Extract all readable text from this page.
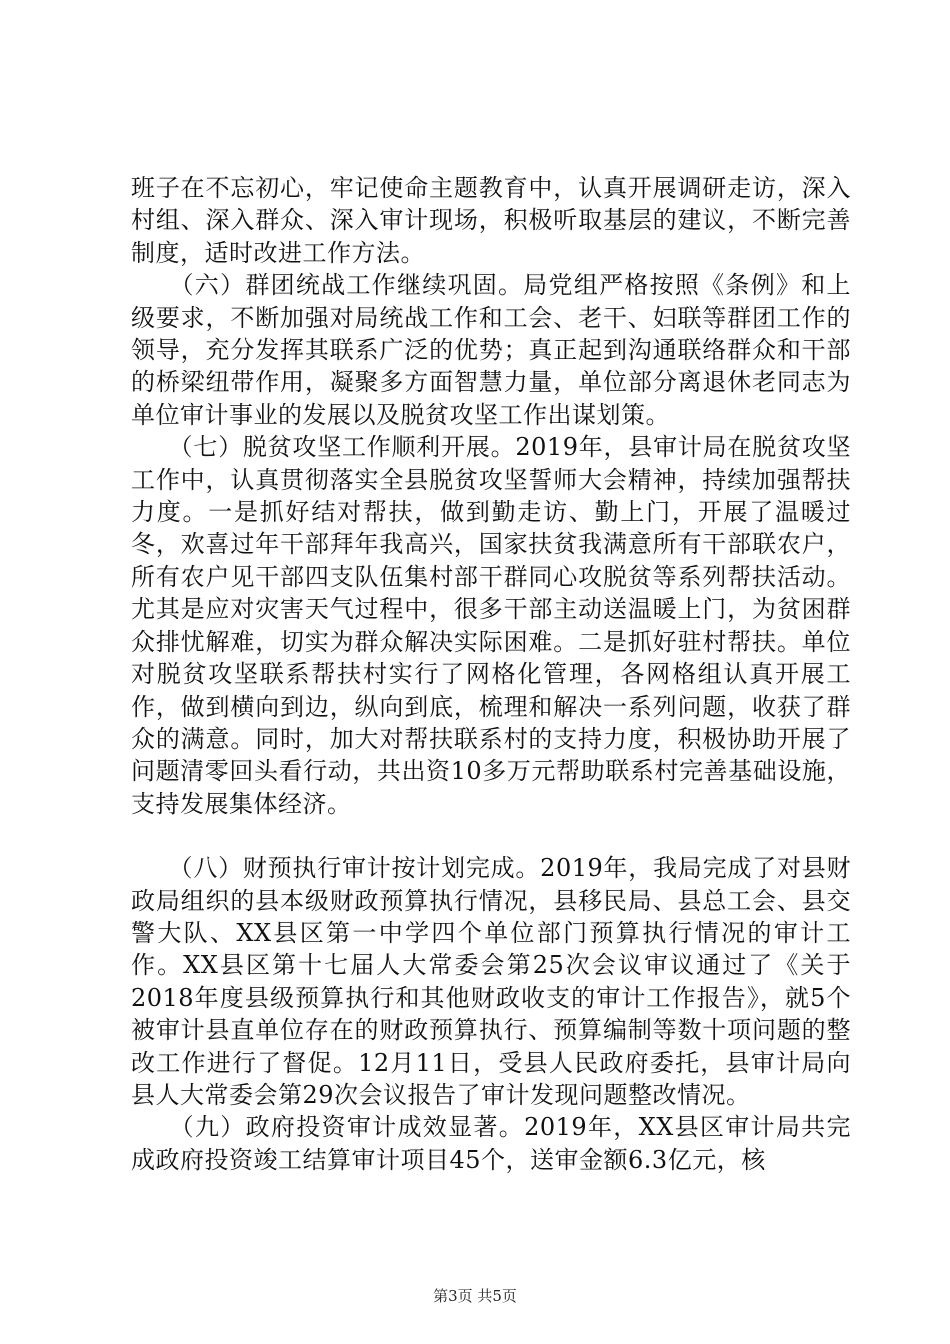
班子在不忘初心，牢记使命主题教育中，认真开展调研走访，深入村组、深入群众、深入审计现场，积极听取基层的建议，不断完善制度，适时改进工作方法。

　　（六）群团统战工作继续巩固。局党组严格按照《条例》和上级要求，不断加强对局统战工作和工会、老干、妇联等群团工作的领导，充分发挥其联系广泛的优势；真正起到沟通联络群众和干部的桥梁纽带作用，凝聚多方面智慧力量，单位部分离退休老同志为单位审计事业的发展以及脱贫攻坚工作出谋划策。

　　（七）脱贫攻坚工作顺利开展。2019年，县审计局在脱贫攻坚工作中，认真贯彻落实全县脱贫攻坚誓师大会精神，持续加强帮扶力度。一是抓好结对帮扶，做到勤走访、勤上门，开展了温暖过冬，欢喜过年干部拜年我高兴，国家扶贫我满意所有干部联农户，所有农户见干部四支队伍集村部干群同心攻脱贫等系列帮扶活动。尤其是应对灾害天气过程中，很多干部主动送温暖上门，为贫困群众排忧解难，切实为群众解决实际困难。二是抓好驻村帮扶。单位对脱贫攻坚联系帮扶村实行了网格化管理，各网格组认真开展工作，做到横向到边，纵向到底，梳理和解决一系列问题，收获了群众的满意。同时，加大对帮扶联系村的支持力度，积极协助开展了问题清零回头看行动，共出资10多万元帮助联系村完善基础设施，支持发展集体经济。

　　（八）财预执行审计按计划完成。2019年，我局完成了对县财政局组织的县本级财政预算执行情况，县移民局、县总工会、县交警大队、XX县区第一中学四个单位部门预算执行情况的审计工作。XX县区第十七届人大常委会第25次会议审议通过了《关于2018年度县级预算执行和其他财政收支的审计工作报告》，就5个被审计县直单位存在的财政预算执行、预算编制等数十项问题的整改工作进行了督促。12月11日，受县人民政府委托，县审计局向县人大常委会第29次会议报告了审计发现问题整改情况。

　　（九）政府投资审计成效显著。2019年，XX县区审计局共完成政府投资竣工结算审计项目45个，送审金额6.3亿元，核

第3页 共5页
